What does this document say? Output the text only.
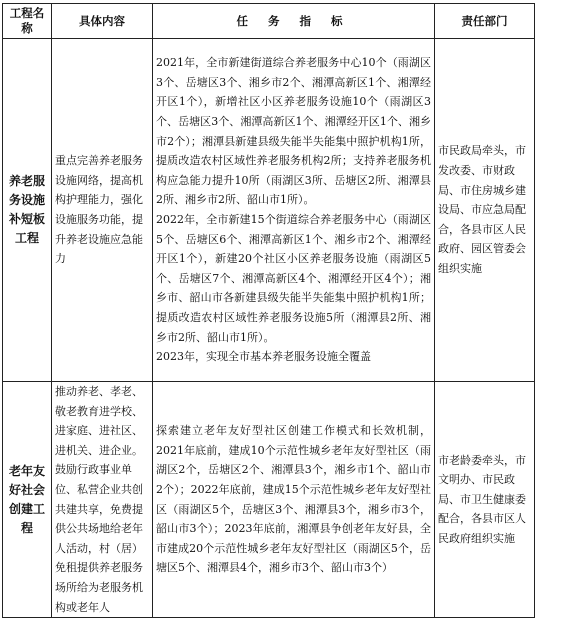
工程名称	具体内容	任 务 指 标	责任部门
养老服务设施补短板工程	重点完善养老服务设施网络，提高机构护理能力，强化设施服务功能，提升养老设施应急能力	2021年，全市新建街道综合养老服务中心10个（雨湖区3个、岳塘区3个、湘乡市2个、湘潭高新区1个、湘潭经开区1个），新增社区小区养老服务设施10个（雨湖区3个、岳塘区3个、湘潭高新区1个、湘潭经开区1个、湘乡市2个）；湘潭县新建县级失能半失能集中照护机构1所，提质改造农村区域性养老服务机构2所；支持养老服务机构应急能力提升10所（雨湖区3所、岳塘区2所、湘潭县2所、湘乡市2所、韶山市1所）。

2022年，全市新建15个街道综合养老服务中心（雨湖区5个、岳塘区6个、湘潭高新区1个、湘乡市2个、湘潭经开区1个），新建20个社区小区养老服务设施（雨湖区5个、岳塘区7个、湘潭高新区4个、湘潭经开区4个）；湘乡市、韶山市各新建县级失能半失能集中照护机构1所；提质改造农村区域性养老服务设施5所（湘潭县2所、湘乡市2所、韶山市1所）。

2023年，实现全市基本养老服务设施全覆盖	市民政局牵头，市发改委、市财政局、市住房城乡建设局、市应急局配合，各县市区人民政府、园区管委会组织实施
老年友好社会创建工程	推动养老、孝老、敬老教育进学校、进家庭、进社区、进机关、进企业。鼓励行政事业单位、私营企业共创共建共享，免费提供公共场地给老年人活动，村（居）免租提供养老服务场所给为老服务机构或老年人	探索建立老年友好型社区创建工作模式和长效机制，2021年底前，建成10个示范性城乡老年友好型社区（雨湖区2个，岳塘区2个、湘潭县3个，湘乡市1个、韶山市2个）；2022年底前，建成15个示范性城乡老年友好型社区（雨湖区5个，岳塘区3个、湘潭县3个，湘乡市3个，韶山市3个）；2023年底前，湘潭县争创老年友好县，全市建成20个示范性城乡老年友好型社区（雨湖区5个，岳塘区5个、湘潭县4个，湘乡市3个、韶山市3个）	市老龄委牵头，市文明办、市民政局、市卫生健康委配合，各县市区人民政府组织实施
